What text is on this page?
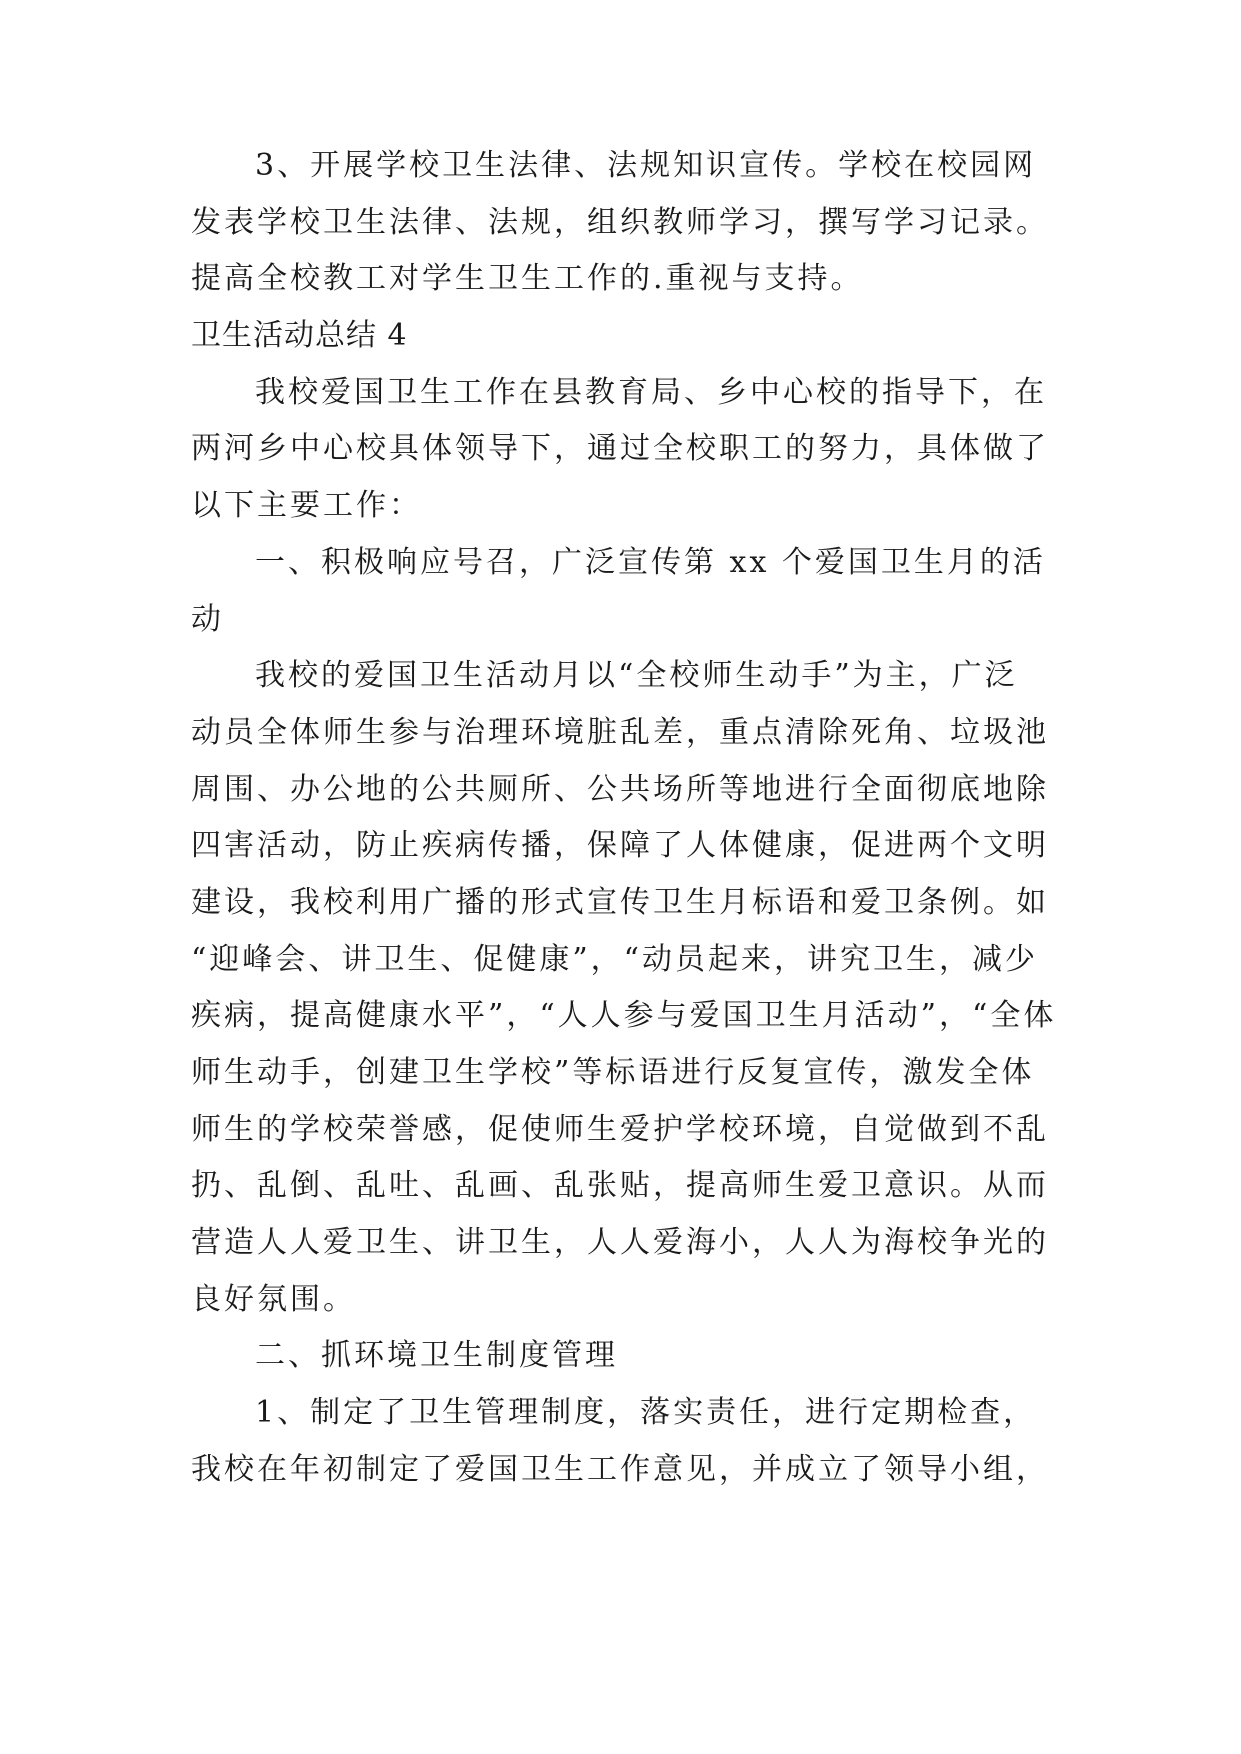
3、开展学校卫生法律、法规知识宣传。学校在校园网
发表学校卫生法律、法规，组织教师学习，撰写学习记录。
提高全校教工对学生卫生工作的.重视与支持。
卫生活动总结 4
我校爱国卫生工作在县教育局、乡中心校的指导下，在
两河乡中心校具体领导下，通过全校职工的努力，具体做了
以下主要工作：
一、积极响应号召，广泛宣传第 xx 个爱国卫生月的活
动
我校的爱国卫生活动月以“全校师生动手”为主，广泛
动员全体师生参与治理环境脏乱差，重点清除死角、垃圾池
周围、办公地的公共厕所、公共场所等地进行全面彻底地除
四害活动，防止疾病传播，保障了人体健康，促进两个文明
建设，我校利用广播的形式宣传卫生月标语和爱卫条例。如
“迎峰会、讲卫生、促健康”，“动员起来，讲究卫生，减少
疾病，提高健康水平”，“人人参与爱国卫生月活动”，“全体
师生动手，创建卫生学校”等标语进行反复宣传，激发全体
师生的学校荣誉感，促使师生爱护学校环境，自觉做到不乱
扔、乱倒、乱吐、乱画、乱张贴，提高师生爱卫意识。从而
营造人人爱卫生、讲卫生，人人爱海小，人人为海校争光的
良好氛围。
二、抓环境卫生制度管理
1、制定了卫生管理制度，落实责任，进行定期检查，
我校在年初制定了爱国卫生工作意见，并成立了领导小组，
